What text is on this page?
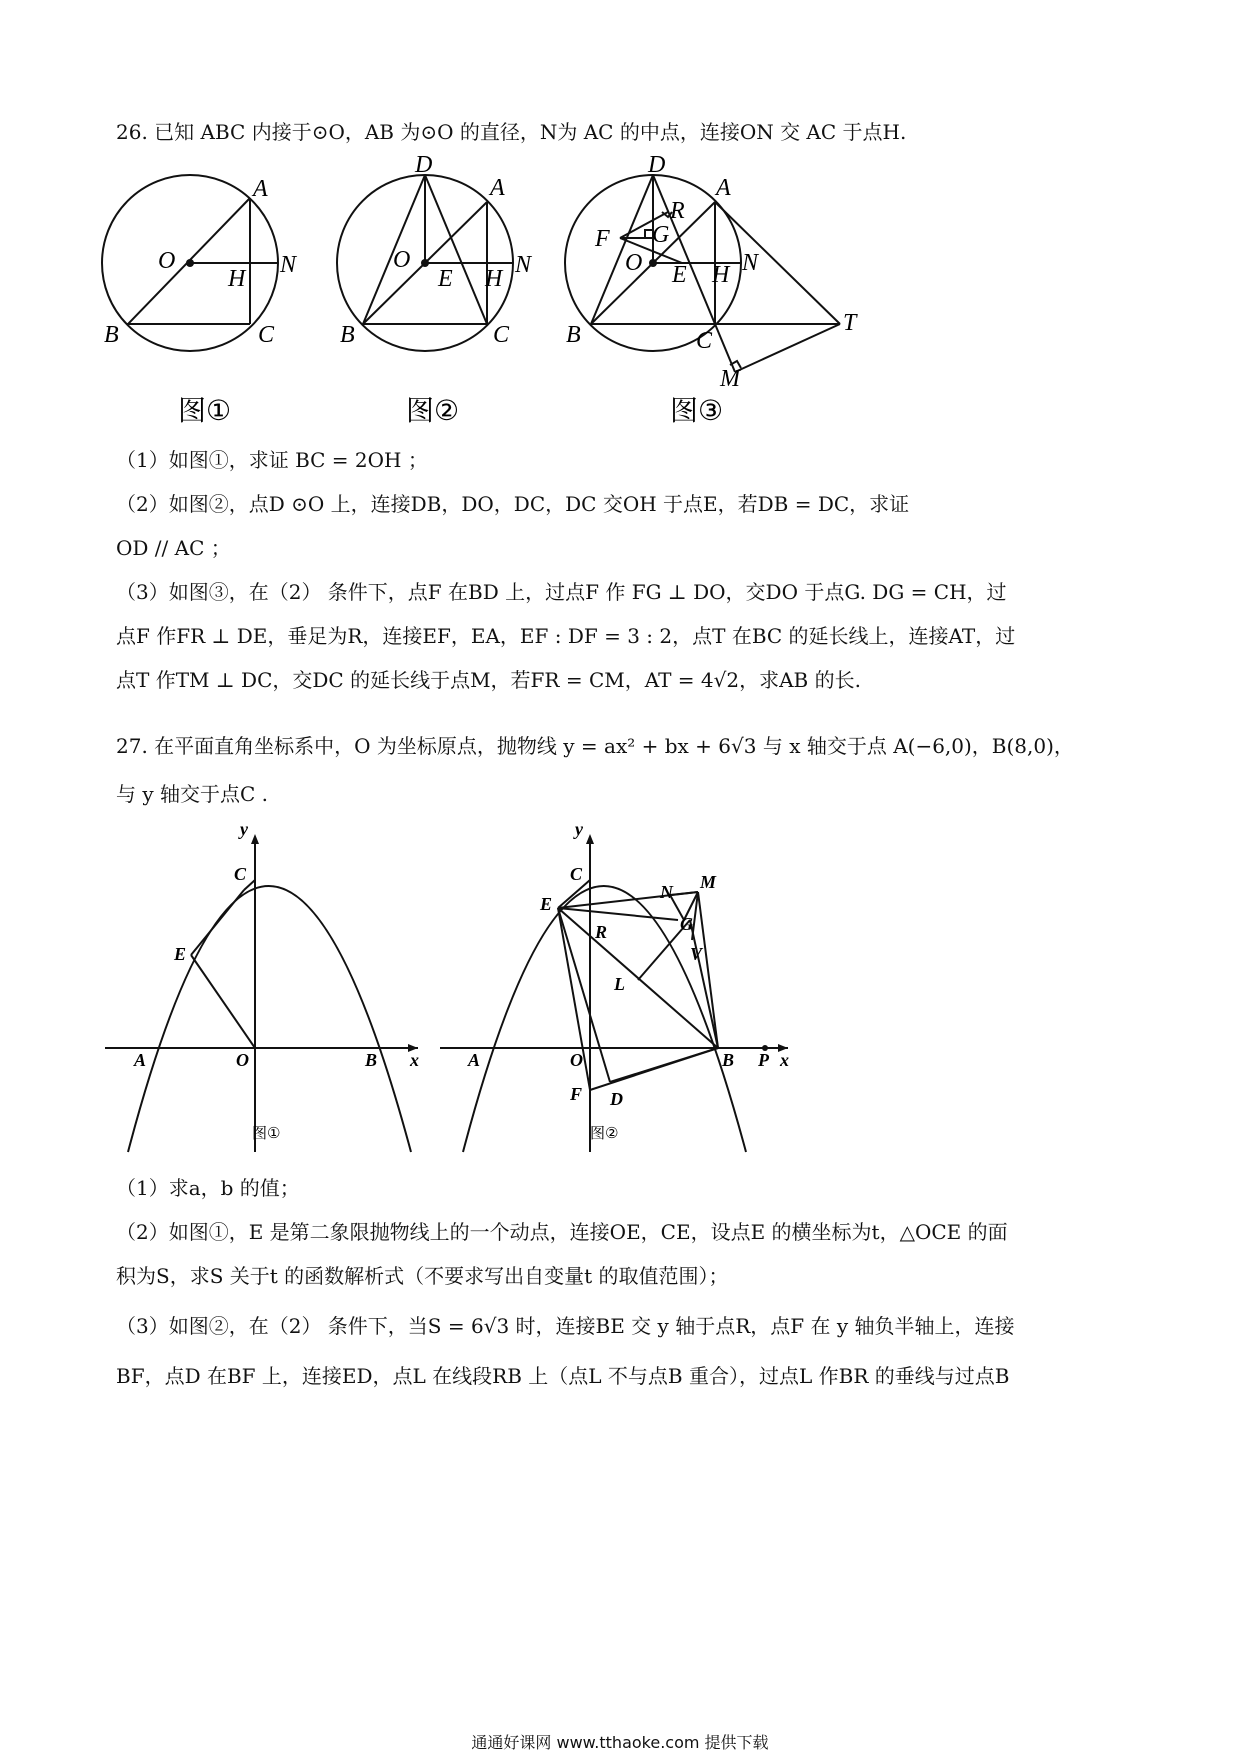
26. 已知 ABC 内接于⊙O，AB 为⊙O 的直径，N为 AC 的中点，连接ON 交 AC 于点H.
A
O	N
H
B	C
图①
D
A
O
E H
N
B	C
图②
D
A
R
F G
O E H N
B	C
T
M
图③
（1）如图①，求证 BC = 2OH ；
（2）如图②，点D ⊙O 上，连接DB，DO，DC，DC 交OH 于点E，若DB = DC，求证
OD // AC ；
（3）如图③，在（2） 条件下，点F 在BD 上，过点F 作 FG ⊥ DO，交DO 于点G. DG = CH，过
点F 作FR ⊥ DE，垂足为R，连接EF，EA，EF : DF = 3 : 2，点T 在BC 的延长线上，连接AT，过
点T 作TM ⊥ DC，交DC 的延长线于点M，若FR = CM，AT = 4√2，求AB 的长.
27. 在平面直角坐标系中，O 为坐标原点，抛物线 y = ax² + bx + 6√3 与 x 轴交于点 A(−6,0)，B(8,0)，
与 y 轴交于点C .
y
C
E
A	O	B x
图①
y
C
E
R
N M
G
V
L
A	O	B P x
F D
图②
（1）求a，b 的值；
（2）如图①，E 是第二象限抛物线上的一个动点，连接OE，CE，设点E 的横坐标为t，△OCE 的面
积为S，求S 关于t 的函数解析式（不要求写出自变量t 的取值范围）；
（3）如图②，在（2） 条件下，当S = 6√3 时，连接BE 交 y 轴于点R，点F 在 y 轴负半轴上，连接
BF，点D 在BF 上，连接ED，点L 在线段RB 上（点L 不与点B 重合），过点L 作BR 的垂线与过点B
通通好课网 www.tthaoke.com 提供下载
